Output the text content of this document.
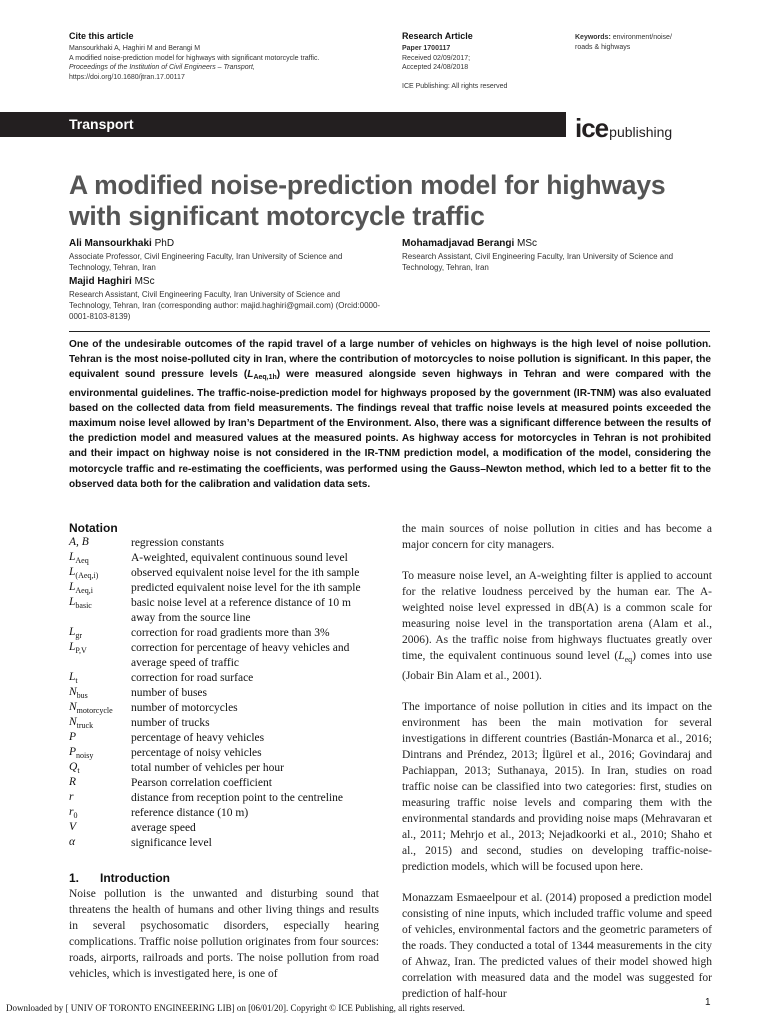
Cite this article
Mansourkhaki A, Haghiri M and Berangi M
A modified noise-prediction model for highways with significant motorcycle traffic.
Proceedings of the Institution of Civil Engineers – Transport,
https://doi.org/10.1680/jtran.17.00117
Research Article
Paper 1700117
Received 02/09/2017;
Accepted 24/08/2018
ICE Publishing: All rights reserved
Keywords: environment/noise/
roads & highways
Transport	icepublishing
A modified noise-prediction model for highways with significant motorcycle traffic
Ali Mansourkhaki PhD
Associate Professor, Civil Engineering Faculty, Iran University of Science and Technology, Tehran, Iran
Majid Haghiri MSc
Research Assistant, Civil Engineering Faculty, Iran University of Science and Technology, Tehran, Iran (corresponding author: majid.haghiri@gmail.com) (Orcid:0000-0001-8103-8139)
Mohamadjavad Berangi MSc
Research Assistant, Civil Engineering Faculty, Iran University of Science and Technology, Tehran, Iran
One of the undesirable outcomes of the rapid travel of a large number of vehicles on highways is the high level of noise pollution. Tehran is the most noise-polluted city in Iran, where the contribution of motorcycles to noise pollution is significant. In this paper, the equivalent sound pressure levels $(L_{Aeq,1h})$ were measured alongside seven highways in Tehran and were compared with the environmental guidelines. The traffic-noise-prediction model for highways proposed by the government (IR-TNM) was also evaluated based on the collected data from field measurements. The findings reveal that traffic noise levels at measured points exceeded the maximum noise level allowed by Iran’s Department of the Environment. Also, there was a significant difference between the results of the prediction model and measured values at the measured points. As highway access for motorcycles in Tehran is not prohibited and their impact on highway noise is not considered in the IR-TNM prediction model, a modification of the model, considering the motorcycle traffic and re-estimating the coefficients, was performed using the Gauss–Newton method, which led to a better fit to the observed data both for the calibration and validation data sets.
Notation
A, B	regression constants
$L_{Aeq}$	A-weighted, equivalent continuous sound level
$L_{(Aeq,i)}$	observed equivalent noise level for the ith sample
$L_{Aeq,i}$	predicted equivalent noise level for the ith sample
$L_{basic}$	basic noise level at a reference distance of 10 m away from the source line
$L_{gr}$	correction for road gradients more than 3%
$L_{P,V}$	correction for percentage of heavy vehicles and average speed of traffic
$L_t$	correction for road surface
$N_{bus}$	number of buses
$N_{motorcycle}$ number of motorcycles
$N_{truck}$	number of trucks
P	percentage of heavy vehicles
$P_{noisy}$	percentage of noisy vehicles
$Q_t$	total number of vehicles per hour
R	Pearson correlation coefficient
r	distance from reception point to the centreline
$r_0$	reference distance (10 m)
V	average speed
α	significance level
1. Introduction
Noise pollution is the unwanted and disturbing sound that threatens the health of humans and other living things and results in several psychosomatic disorders, especially hearing complications. Traffic noise pollution originates from four sources: roads, airports, railroads and ports. The noise pollution from road vehicles, which is investigated here, is one of

the main sources of noise pollution in cities and has become a major concern for city managers.

To measure noise level, an A-weighting filter is applied to account for the relative loudness perceived by the human ear. The A-weighted noise level expressed in dB(A) is a common scale for measuring noise level in the transportation arena (Alam et al., 2006). As the traffic noise from highways fluctuates greatly over time, the equivalent continuous sound level $(L_{eq})$ comes into use (Jobair Bin Alam et al., 2001).

The importance of noise pollution in cities and its impact on the environment has been the main motivation for several investigations in different countries (Bastián-Monarca et al., 2016; Dintrans and Préndez, 2013; İlgürel et al., 2016; Govindaraj and Pachiappan, 2013; Suthanaya, 2015). In Iran, studies on road traffic noise can be classified into two categories: first, studies on measuring traffic noise levels and comparing them with the environmental standards and providing noise maps (Mehravaran et al., 2011; Mehrjo et al., 2013; Nejadkoorki et al., 2010; Shaho et al., 2015) and second, studies on developing traffic-noise-prediction models, which will be focused upon here.

Monazzam Esmaeelpour et al. (2014) proposed a prediction model consisting of nine inputs, which included traffic volume and speed of vehicles, environmental factors and the geometric parameters of the roads. They conducted a total of 1344 measurements in the city of Ahwaz, Iran. The predicted values of their model showed high correlation with measured data and the model was suggested for prediction of half-hour

Downloaded by [ UNIV OF TORONTO ENGINEERING LIB] on [06/01/20]. Copyright © ICE Publishing, all rights reserved.	1
